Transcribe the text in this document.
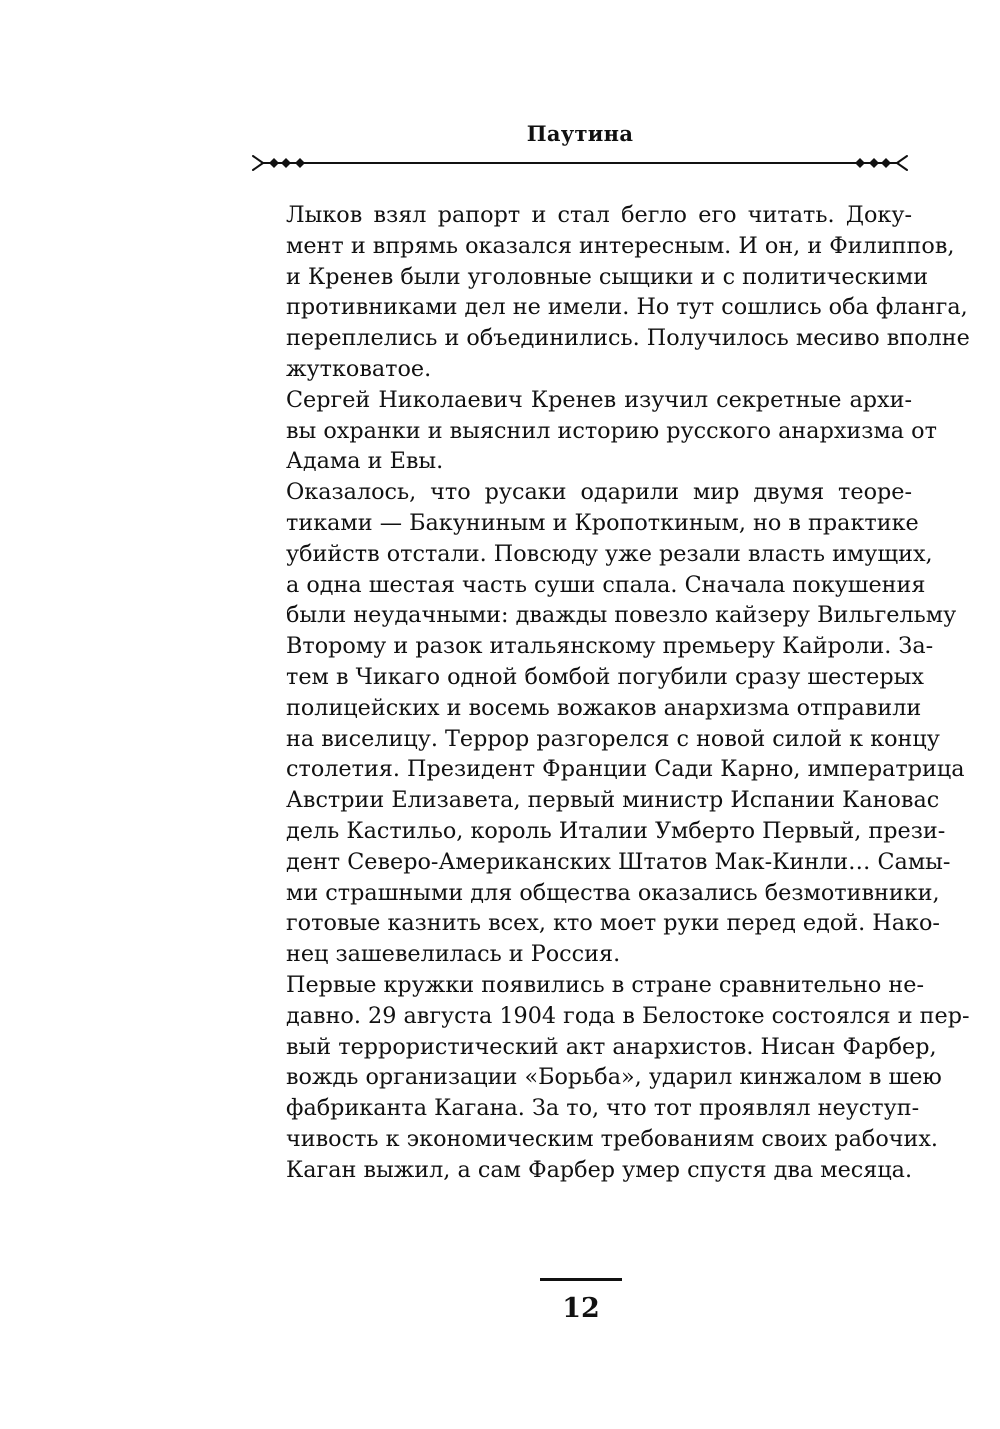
Паутина

Лыков взял рапорт и стал бегло его читать. Доку-
мент и впрямь оказался интересным. И он, и Филиппов,
и Кренев были уголовные сыщики и с политическими
противниками дел не имели. Но тут сошлись оба фланга,
переплелись и объединились. Получилось месиво вполне
жутковатое.

Сергей Николаевич Кренев изучил секретные архи-
вы охранки и выяснил историю русского анархизма от
Адама и Евы.

Оказалось, что русаки одарили мир двумя теоре-
тиками — Бакуниным и Кропоткиным, но в практике
убийств отстали. Повсюду уже резали власть имущих,
а одна шестая часть суши спала. Сначала покушения
были неудачными: дважды повезло кайзеру Вильгельму
Второму и разок итальянскому премьеру Кайроли. За-
тем в Чикаго одной бомбой погубили сразу шестерых
полицейских и восемь вожаков анархизма отправили
на виселицу. Террор разгорелся с новой силой к концу
столетия. Президент Франции Сади Карно, императрица
Австрии Елизавета, первый министр Испании Кановас
дель Кастильо, король Италии Умберто Первый, прези-
дент Северо-Американских Штатов Мак-Кинли… Самы-
ми страшными для общества оказались безмотивники,
готовые казнить всех, кто моет руки перед едой. Нако-
нец зашевелилась и Россия.

Первые кружки появились в стране сравнительно не-
давно. 29 августа 1904 года в Белостоке состоялся и пер-
вый террористический акт анархистов. Нисан Фарбер,
вождь организации «Борьба», ударил кинжалом в шею
фабриканта Кагана. За то, что тот проявлял неуступ-
чивость к экономическим требованиям своих рабочих.
Каган выжил, а сам Фарбер умер спустя два месяца.

12
